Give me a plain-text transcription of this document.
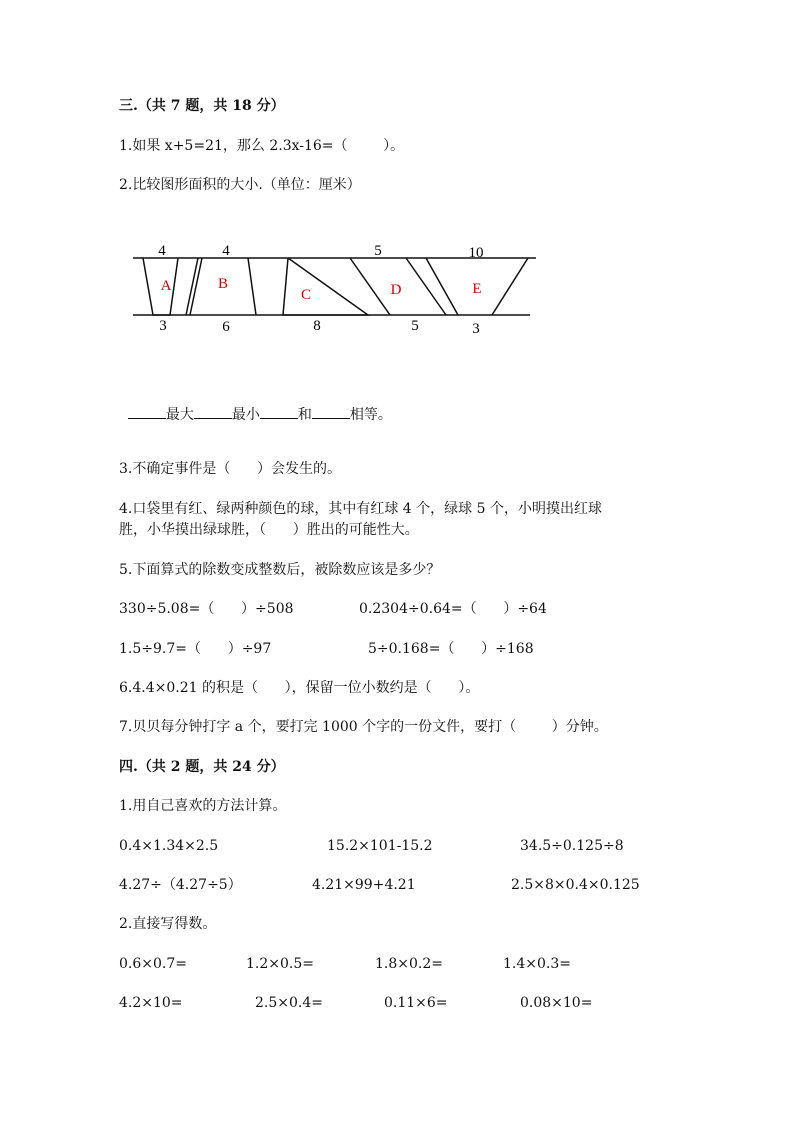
三.（共 7 题，共 18 分）
1.如果 x+5=21，那么 2.3x-16=（        ）。
2.比较图形面积的大小.（单位：厘米）
4	4	5	10
3	6	8	5	3
A	B
C	D	E

最大	最小	和	相等。

3.不确定事件是（      ）会发生的。
4.口袋里有红、绿两种颜色的球，其中有红球 4 个，绿球 5 个，小明摸出红球
胜，小华摸出绿球胜，（      ）胜出的可能性大。
5.下面算式的除数变成整数后，被除数应该是多少？
330÷5.08=（      ）÷508	0.2304÷0.64=（      ）÷64
1.5÷9.7=（      ）÷97	5÷0.168=（      ）÷168
6.4.4×0.21 的积是（      ），保留一位小数约是（      ）。
7.贝贝每分钟打字 a 个，要打完 1000 个字的一份文件，要打（        ）分钟。
四.（共 2 题，共 24 分）
1.用自己喜欢的方法计算。
0.4×1.34×2.5	15.2×101-15.2	34.5÷0.125÷8
4.27÷（4.27÷5）	4.21×99+4.21	2.5×8×0.4×0.125
2.直接写得数。
0.6×0.7=	1.2×0.5=	1.8×0.2=	1.4×0.3=
4.2×10=	2.5×0.4=	0.11×6=	0.08×10=
